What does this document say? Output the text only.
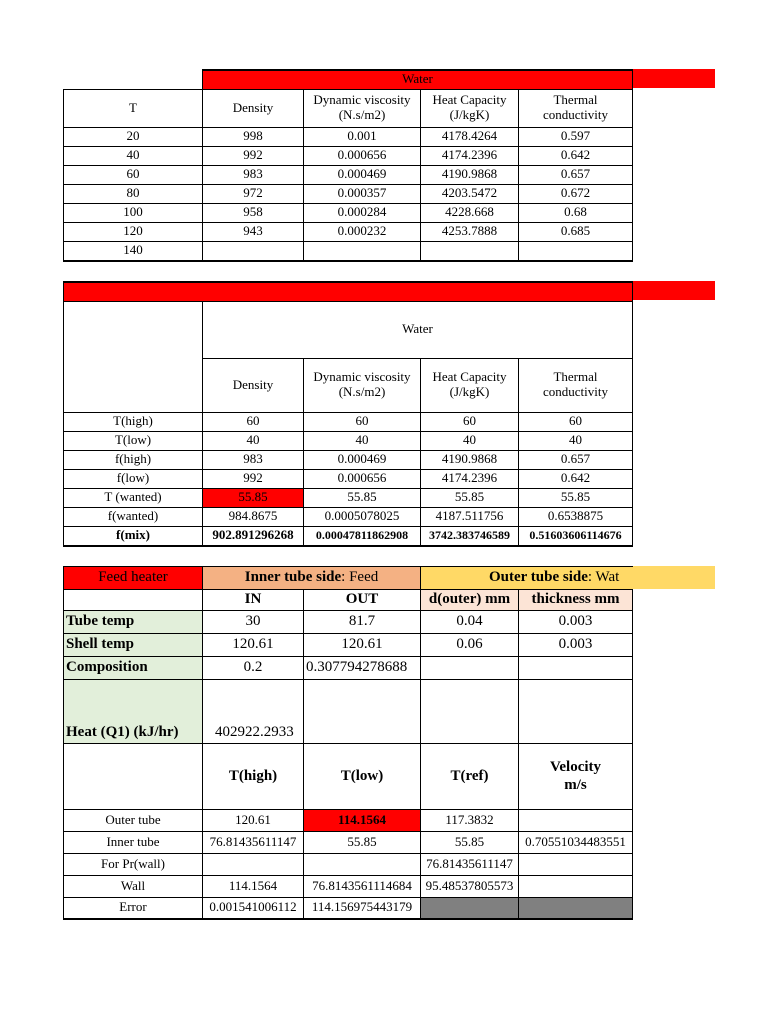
	Water			
T	Density	Dynamic viscosity (N.s/m2)	Heat Capacity (J/kgK)	Thermal conductivity
20	998	0.001	4178.4264	0.597
40	992	0.000656	4174.2396	0.642
60	983	0.000469	4190.9868	0.657
80	972	0.000357	4203.5472	0.672
100	958	0.000284	4228.668	0.68
120	943	0.000232	4253.7888	0.685
140				

	Water			
	Density	Dynamic viscosity (N.s/m2)	Heat Capacity (J/kgK)	Thermal conductivity
T(high)	60	60	60	60
T(low)	40	40	40	40
f(high)	983	0.000469	4190.9868	0.657
f(low)	992	0.000656	4174.2396	0.642
T (wanted)	55.85	55.85	55.85	55.85
f(wanted)	984.8675	0.0005078025	4187.511756	0.6538875
f(mix)	902.891296268	0.00047811862908	3742.383746589	0.51603606114676
Feed heater	Inner tube side: Feed		Outer tube side: Wat	
	IN	OUT	d(outer) mm	thickness mm
Tube temp	30	81.7	0.04	0.003
Shell temp	120.61	120.61	0.06	0.003
Composition	0.2	0.307794278688		
Heat (Q1) (kJ/hr)	402922.2933			
	T(high)	T(low)	T(ref)	Velocity m/s
Outer tube	120.61	114.1564	117.3832	
Inner tube	76.81435611147	55.85	55.85	0.70551034483551
For Pr(wall)			76.81435611147	
Wall	114.1564	76.8143561114684	95.48537805573	
Error	0.001541006112	114.156975443179		
